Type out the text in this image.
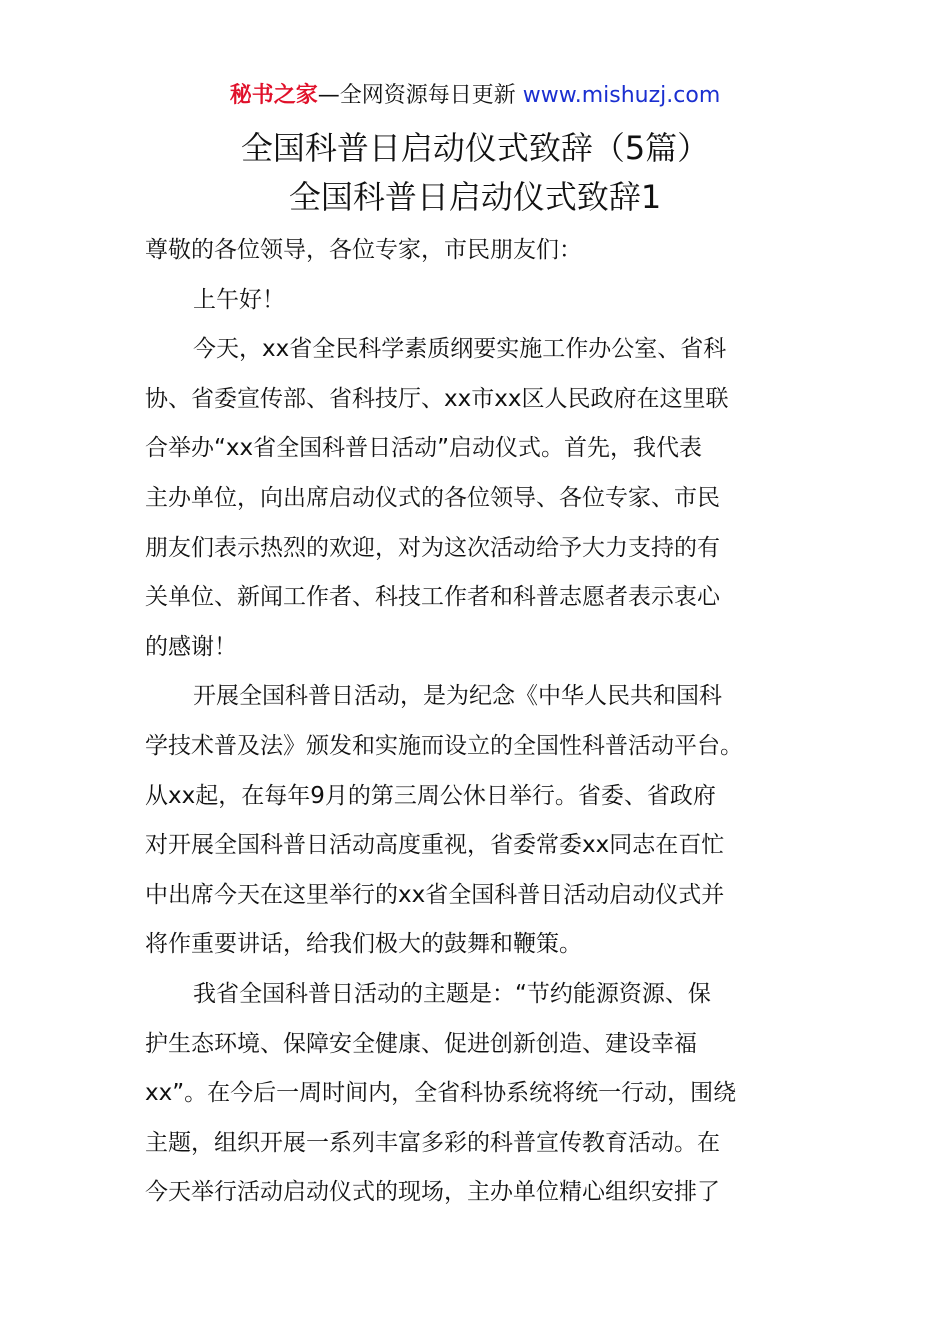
秘书之家—全网资源每日更新 www.mishuzj.com
全国科普日启动仪式致辞（5篇）
全国科普日启动仪式致辞1

尊敬的各位领导，各位专家，市民朋友们：

上午好！

今天，xx省全民科学素质纲要实施工作办公室、省科
协、省委宣传部、省科技厅、xx市xx区人民政府在这里联
合举办“xx省全国科普日活动”启动仪式。首先，我代表
主办单位，向出席启动仪式的各位领导、各位专家、市民
朋友们表示热烈的欢迎，对为这次活动给予大力支持的有
关单位、新闻工作者、科技工作者和科普志愿者表示衷心
的感谢！

开展全国科普日活动，是为纪念《中华人民共和国科
学技术普及法》颁发和实施而设立的全国性科普活动平台。
从xx起，在每年9月的第三周公休日举行。省委、省政府
对开展全国科普日活动高度重视，省委常委xx同志在百忙
中出席今天在这里举行的xx省全国科普日活动启动仪式并
将作重要讲话，给我们极大的鼓舞和鞭策。

我省全国科普日活动的主题是：“节约能源资源、保
护生态环境、保障安全健康、促进创新创造、建设幸福
xx”。在今后一周时间内，全省科协系统将统一行动，围绕
主题，组织开展一系列丰富多彩的科普宣传教育活动。在
今天举行活动启动仪式的现场，主办单位精心组织安排了
